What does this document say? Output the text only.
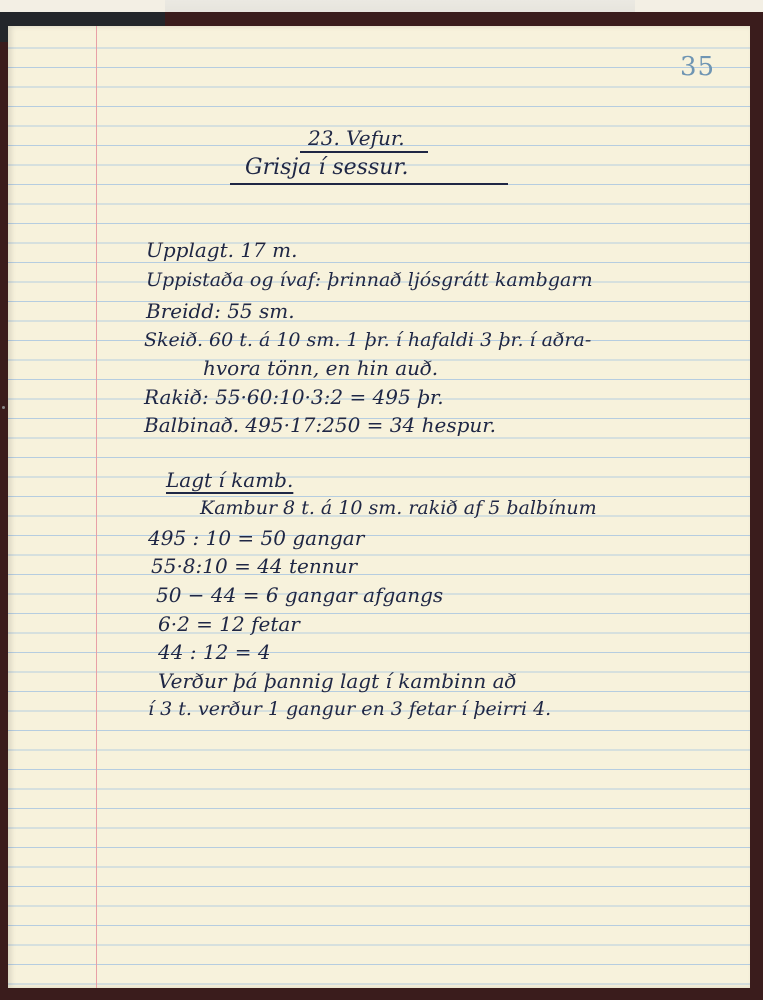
35
23. Vefur.
Grisja í sessur.
Upplagt. 17 m.
Uppistaða og ívaf: þrinnað ljósgrátt kambgarn
Breidd: 55 sm.
Skeið. 60 t. á 10 sm. 1 þr. í hafaldi 3 þr. í aðra-
hvora tönn, en hin auð.
Rakið: 55·60:10·3:2 = 495 þr.
Balbinað. 495·17:250 = 34 hespur.
Lagt í kamb.
Kambur 8 t. á 10 sm. rakið af 5 balbínum
495 : 10 = 50 gangar
55·8:10 = 44 tennur
50 − 44 = 6 gangar afgangs
6·2 = 12 fetar
44 : 12 = 4
Verður þá þannig lagt í kambinn að
í 3 t. verður 1 gangur en 3 fetar í þeirri 4.
